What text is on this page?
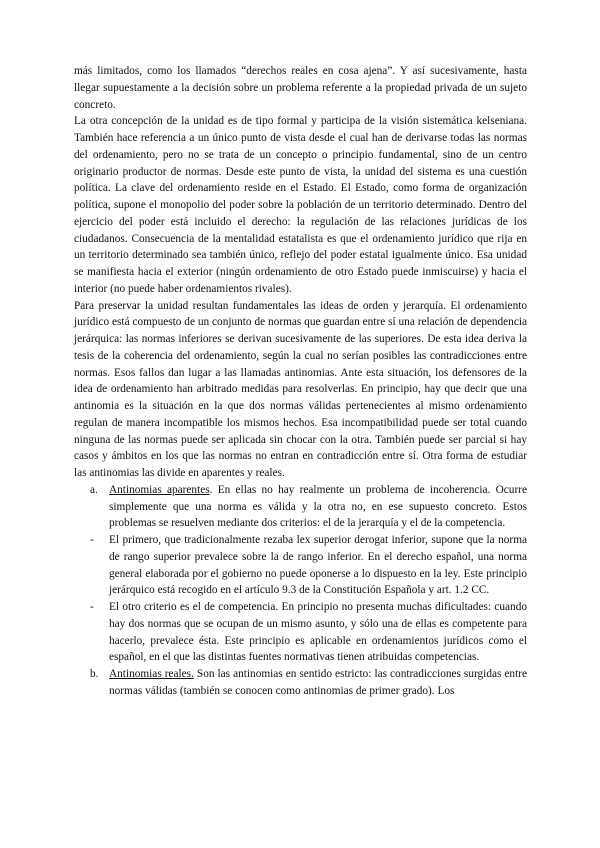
más limitados, como los llamados “derechos reales en cosa ajena”. Y así sucesivamente, hasta llegar supuestamente a la decisión sobre un problema referente a la propiedad privada de un sujeto concreto.

La otra concepción de la unidad es de tipo formal y participa de la visión sistemática kelseniana. También hace referencia a un único punto de vista desde el cual han de derivarse todas las normas del ordenamiento, pero no se trata de un concepto o principio fundamental, sino de un centro originario productor de normas. Desde este punto de vista, la unidad del sistema es una cuestión política. La clave del ordenamiento reside en el Estado. El Estado, como forma de organización política, supone el monopolio del poder sobre la población de un territorio determinado. Dentro del ejercicio del poder está incluido el derecho: la regulación de las relaciones jurídicas de los ciudadanos. Consecuencia de la mentalidad estatalista es que el ordenamiento jurídico que rija en un territorio determinado sea también único, reflejo del poder estatal igualmente único. Esa unidad se manifiesta hacia el exterior (ningún ordenamiento de otro Estado puede inmiscuirse) y hacia el interior (no puede haber ordenamientos rivales).

Para preservar la unidad resultan fundamentales las ideas de orden y jerarquía. El ordenamiento jurídico está compuesto de un conjunto de normas que guardan entre sí una relación de dependencia jerárquica: las normas inferiores se derivan sucesivamente de las superiores. De esta idea deriva la tesis de la coherencia del ordenamiento, según la cual no serían posibles las contradicciones entre normas. Esos fallos dan lugar a las llamadas antinomias. Ante esta situación, los defensores de la idea de ordenamiento han arbitrado medidas para resolverlas. En principio, hay que decir que una antinomia es la situación en la que dos normas válidas pertenecientes al mismo ordenamiento regulan de manera incompatible los mismos hechos. Esa incompatibilidad puede ser total cuando ninguna de las normas puede ser aplicada sin chocar con la otra. También puede ser parcial si hay casos y ámbitos en los que las normas no entran en contradicción entre sí. Otra forma de estudiar las antinomias las divide en aparentes y reales.

a. Antinomias aparentes. En ellas no hay realmente un problema de incoherencia. Ocurre simplemente que una norma es válida y la otra no, en ese supuesto concreto. Estos problemas se resuelven mediante dos criterios: el de la jerarquía y el de la competencia.
-	El primero, que tradicionalmente rezaba lex superior derogat inferior, supone que la norma de rango superior prevalece sobre la de rango inferior. En el derecho español, una norma general elaborada por el gobierno no puede oponerse a lo dispuesto en la ley. Este principio jerárquico está recogido en el artículo 9.3 de la Constitución Española y art. 1.2 CC.
-	El otro criterio es el de competencia. En principio no presenta muchas dificultades: cuando hay dos normas que se ocupan de un mismo asunto, y sólo una de ellas es competente para hacerlo, prevalece ésta. Este principio es aplicable en ordenamientos jurídicos como el español, en el que las distintas fuentes normativas tienen atribuidas competencias.
b. Antinomias reales. Son las antinomias en sentido estricto: las contradicciones surgidas entre normas válidas (también se conocen como antinomias de primer grado). Los
